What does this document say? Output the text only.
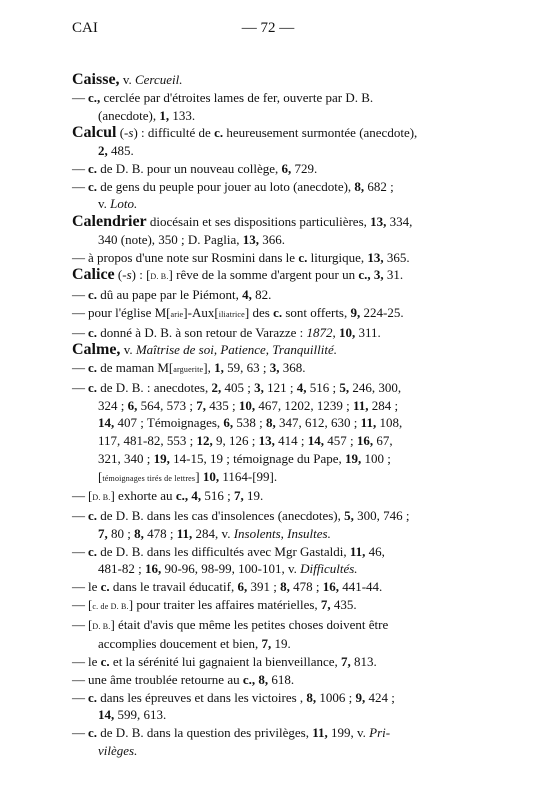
CAI	— 72 —
Caisse, v. Cercueil.
— c., cerclée par d'étroites lames de fer, ouverte par D. B.
(anecdote), 1, 133.
Calcul (-s) : difficulté de c. heureusement surmontée (anecdote),
2, 485.
— c. de D. B. pour un nouveau collège, 6, 729.
— c. de gens du peuple pour jouer au loto (anecdote), 8, 682 ;
v. Loto.
Calendrier diocésain et ses dispositions particulières, 13, 334,
340 (note), 350 ; D. Paglia, 13, 366.
— à propos d'une note sur Rosmini dans le c. liturgique, 13, 365.
Calice (-s) : [D. B.] rêve de la somme d'argent pour un c., 3, 31.
— c. dû au pape par le Piémont, 4, 82.
— pour l'église M[arie]-Aux[iliatrice] des c. sont offerts, 9, 224-25.
— c. donné à D. B. à son retour de Varazze : 1872, 10, 311.
Calme, v. Maîtrise de soi, Patience, Tranquillité.
— c. de maman M[arguerite], 1, 59, 63 ; 3, 368.
— c. de D. B. : anecdotes, 2, 405 ; 3, 121 ; 4, 516 ; 5, 246, 300,
324 ; 6, 564, 573 ; 7, 435 ; 10, 467, 1202, 1239 ; 11, 284 ;
14, 407 ; Témoignages, 6, 538 ; 8, 347, 612, 630 ; 11, 108,
117, 481-82, 553 ; 12, 9, 126 ; 13, 414 ; 14, 457 ; 16, 67,
321, 340 ; 19, 14-15, 19 ; témoignage du Pape, 19, 100 ;
[témoignages tirés de lettres] 10, 1164-[99].
— [D. B.] exhorte au c., 4, 516 ; 7, 19.
— c. de D. B. dans les cas d'insolences (anecdotes), 5, 300, 746 ;
7, 80 ; 8, 478 ; 11, 284, v. Insolents, Insultes.
— c. de D. B. dans les difficultés avec Mgr Gastaldi, 11, 46,
481-82 ; 16, 90-96, 98-99, 100-101, v. Difficultés.
— le c. dans le travail éducatif, 6, 391 ; 8, 478 ; 16, 441-44.
— [c. de D. B.] pour traiter les affaires matérielles, 7, 435.
— [D. B.] était d'avis que même les petites choses doivent être
accomplies doucement et bien, 7, 19.
— le c. et la sérénité lui gagnaient la bienveillance, 7, 813.
— une âme troublée retourne au c., 8, 618.
— c. dans les épreuves et dans les victoires , 8, 1006 ; 9, 424 ;
14, 599, 613.
— c. de D. B. dans la question des privilèges, 11, 199, v. Pri-
vilèges.
